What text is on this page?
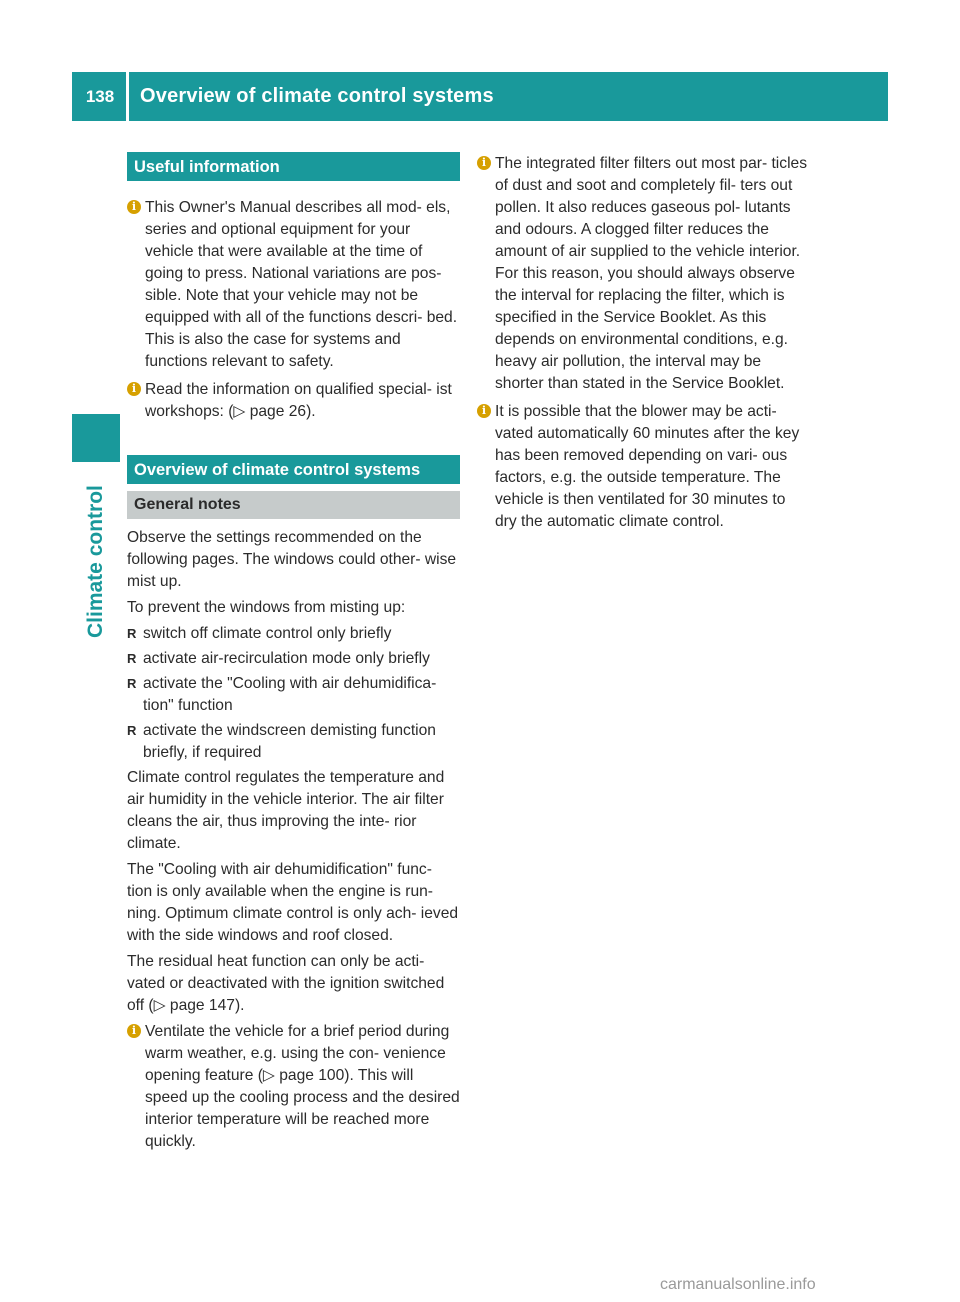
138	Overview of climate control systems
Climate control
Useful information
i This Owner's Manual describes all mod- els, series and optional equipment for your vehicle that were available at the time of going to press. National variations are pos- sible. Note that your vehicle may not be equipped with all of the functions descri- bed. This is also the case for systems and functions relevant to safety.
i Read the information on qualified special- ist workshops: (▷ page 26).
Overview of climate control systems
General notes

Observe the settings recommended on the following pages. The windows could other- wise mist up.

To prevent the windows from misting up:

R switch off climate control only briefly
R activate air-recirculation mode only briefly
R activate the "Cooling with air dehumidifica- tion" function
R activate the windscreen demisting function briefly, if required

Climate control regulates the temperature and air humidity in the vehicle interior. The air filter cleans the air, thus improving the inte- rior climate.

The "Cooling with air dehumidification" func- tion is only available when the engine is run- ning. Optimum climate control is only ach- ieved with the side windows and roof closed.

The residual heat function can only be acti- vated or deactivated with the ignition switched off (▷ page 147).

i Ventilate the vehicle for a brief period during warm weather, e.g. using the con- venience opening feature (▷ page 100). This will speed up the cooling process and the desired interior temperature will be reached more quickly.
i The integrated filter filters out most par- ticles of dust and soot and completely fil- ters out pollen. It also reduces gaseous pol- lutants and odours. A clogged filter reduces the amount of air supplied to the vehicle interior. For this reason, you should always observe the interval for replacing the filter, which is specified in the Service Booklet. As this depends on environmental conditions, e.g. heavy air pollution, the interval may be shorter than stated in the Service Booklet.
i It is possible that the blower may be acti- vated automatically 60 minutes after the key has been removed depending on vari- ous factors, e.g. the outside temperature. The vehicle is then ventilated for 30 minutes to dry the automatic climate control.
carmanualsonline.info
